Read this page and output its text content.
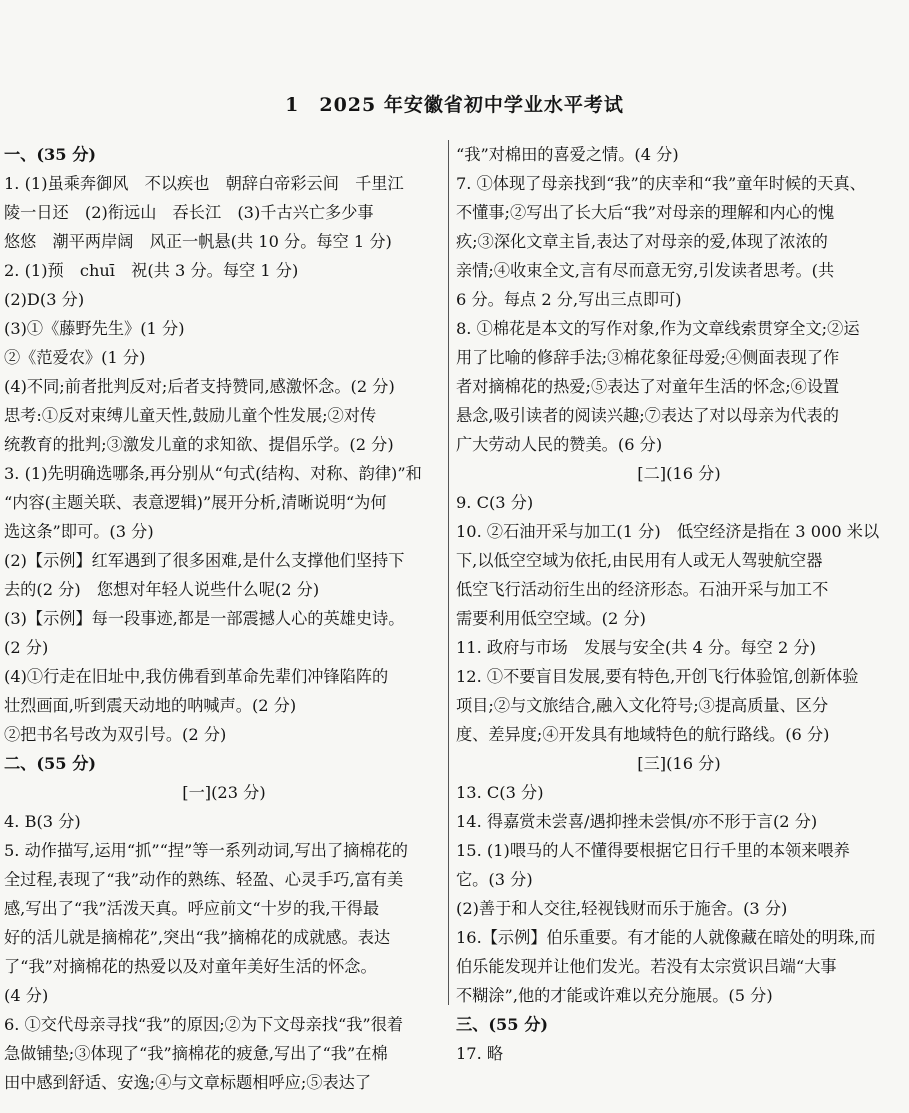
1　2025 年安徽省初中学业水平考试
一、(35 分)
1. (1)虽乘奔御风　不以疾也　朝辞白帝彩云间　千里江
陵一日还　(2)衔远山　吞长江　(3)千古兴亡多少事
悠悠　潮平两岸阔　风正一帆悬(共 10 分。每空 1 分)
2. (1)预　chuī　祝(共 3 分。每空 1 分)
(2)D(3 分)
(3)①《藤野先生》(1 分)
②《范爱农》(1 分)
(4)不同;前者批判反对;后者支持赞同,感激怀念。(2 分)
思考:①反对束缚儿童天性,鼓励儿童个性发展;②对传
统教育的批判;③激发儿童的求知欲、提倡乐学。(2 分)
3. (1)先明确选哪条,再分别从“句式(结构、对称、韵律)”和
“内容(主题关联、表意逻辑)”展开分析,清晰说明“为何
选这条”即可。(3 分)
(2)【示例】红军遇到了很多困难,是什么支撑他们坚持下
去的(2 分)　您想对年轻人说些什么呢(2 分)
(3)【示例】每一段事迹,都是一部震撼人心的英雄史诗。
(2 分)
(4)①行走在旧址中,我仿佛看到革命先辈们冲锋陷阵的
壮烈画面,听到震天动地的呐喊声。(2 分)
②把书名号改为双引号。(2 分)
二、(55 分)
[一](23 分)
4. B(3 分)
5. 动作描写,运用“抓”“捏”等一系列动词,写出了摘棉花的
全过程,表现了“我”动作的熟练、轻盈、心灵手巧,富有美
感,写出了“我”活泼天真。呼应前文“十岁的我,干得最
好的活儿就是摘棉花”,突出“我”摘棉花的成就感。表达
了“我”对摘棉花的热爱以及对童年美好生活的怀念。
(4 分)
6. ①交代母亲寻找“我”的原因;②为下文母亲找“我”很着
急做铺垫;③体现了“我”摘棉花的疲惫,写出了“我”在棉
田中感到舒适、安逸;④与文章标题相呼应;⑤表达了
“我”对棉田的喜爱之情。(4 分)
7. ①体现了母亲找到“我”的庆幸和“我”童年时候的天真、
不懂事;②写出了长大后“我”对母亲的理解和内心的愧
疚;③深化文章主旨,表达了对母亲的爱,体现了浓浓的
亲情;④收束全文,言有尽而意无穷,引发读者思考。(共
6 分。每点 2 分,写出三点即可)
8. ①棉花是本文的写作对象,作为文章线索贯穿全文;②运
用了比喻的修辞手法;③棉花象征母爱;④侧面表现了作
者对摘棉花的热爱;⑤表达了对童年生活的怀念;⑥设置
悬念,吸引读者的阅读兴趣;⑦表达了对以母亲为代表的
广大劳动人民的赞美。(6 分)
[二](16 分)
9. C(3 分)
10. ②石油开采与加工(1 分)　低空经济是指在 3 000 米以
下,以低空空域为依托,由民用有人或无人驾驶航空器
低空飞行活动衍生出的经济形态。石油开采与加工不
需要利用低空空域。(2 分)
11. 政府与市场　发展与安全(共 4 分。每空 2 分)
12. ①不要盲目发展,要有特色,开创飞行体验馆,创新体验
项目;②与文旅结合,融入文化符号;③提高质量、区分
度、差异度;④开发具有地域特色的航行路线。(6 分)
[三](16 分)
13. C(3 分)
14. 得嘉赏未尝喜/遇抑挫未尝惧/亦不形于言(2 分)
15. (1)喂马的人不懂得要根据它日行千里的本领来喂养
它。(3 分)
(2)善于和人交往,轻视钱财而乐于施舍。(3 分)
16.【示例】伯乐重要。有才能的人就像藏在暗处的明珠,而
伯乐能发现并让他们发光。若没有太宗赏识吕端“大事
不糊涂”,他的才能或许难以充分施展。(5 分)
三、(55 分)
17. 略
